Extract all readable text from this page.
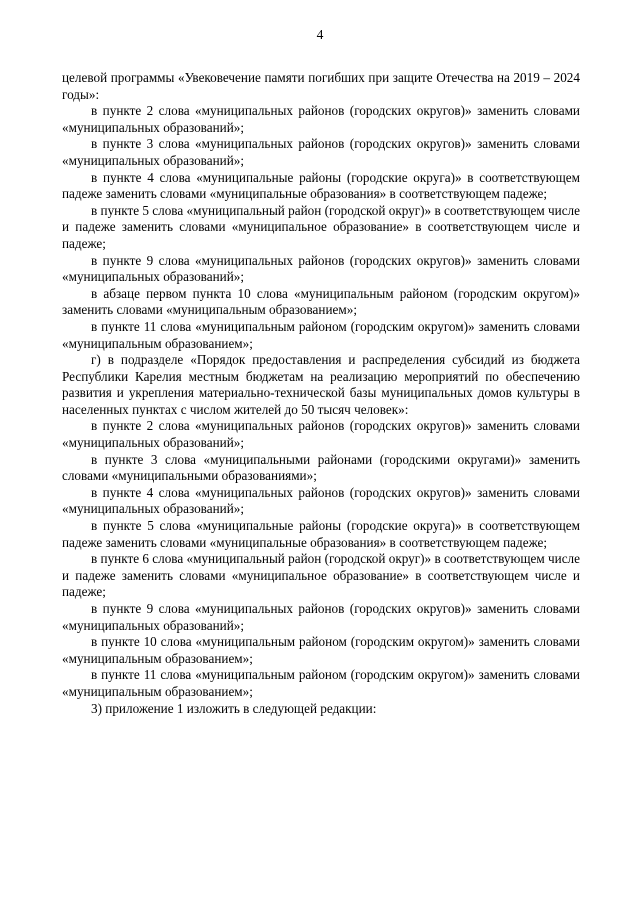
4

целевой программы «Увековечение памяти погибших при защите Отечества на 2019 – 2024 годы»:

в пункте 2 слова «муниципальных районов (городских округов)» заменить словами «муниципальных образований»;

в пункте 3 слова «муниципальных районов (городских округов)» заменить словами «муниципальных образований»;

в пункте 4 слова «муниципальные районы (городские округа)» в соответствующем падеже заменить словами «муниципальные образования» в соответствующем падеже;

в пункте 5 слова «муниципальный район (городской округ)» в соответствующем числе и падеже заменить словами «муниципальное образование» в соответствующем числе и падеже;

в пункте 9 слова «муниципальных районов (городских округов)» заменить словами «муниципальных образований»;

в абзаце первом пункта 10 слова «муниципальным районом (городским округом)» заменить словами «муниципальным образованием»;

в пункте 11 слова «муниципальным районом (городским округом)» заменить словами «муниципальным образованием»;

г) в подразделе «Порядок предоставления и распределения субсидий из бюджета Республики Карелия местным бюджетам на реализацию мероприятий по обеспечению развития и укрепления материально-технической базы муниципальных домов культуры в населенных пунктах с числом жителей до 50 тысяч человек»:

в пункте 2 слова «муниципальных районов (городских округов)» заменить словами «муниципальных образований»;

в пункте 3 слова «муниципальными районами (городскими округами)» заменить словами «муниципальными образованиями»;

в пункте 4 слова «муниципальных районов (городских округов)» заменить словами «муниципальных образований»;

в пункте 5 слова «муниципальные районы (городские округа)» в соответствующем падеже заменить словами «муниципальные образования» в соответствующем падеже;

в пункте 6 слова «муниципальный район (городской округ)» в соответствующем числе и падеже заменить словами «муниципальное образование» в соответствующем числе и падеже;

в пункте 9 слова «муниципальных районов (городских округов)» заменить словами «муниципальных образований»;

в пункте 10 слова «муниципальным районом (городским округом)» заменить словами «муниципальным образованием»;

в пункте 11 слова «муниципальным районом (городским округом)» заменить словами «муниципальным образованием»;

3) приложение 1 изложить в следующей редакции:
